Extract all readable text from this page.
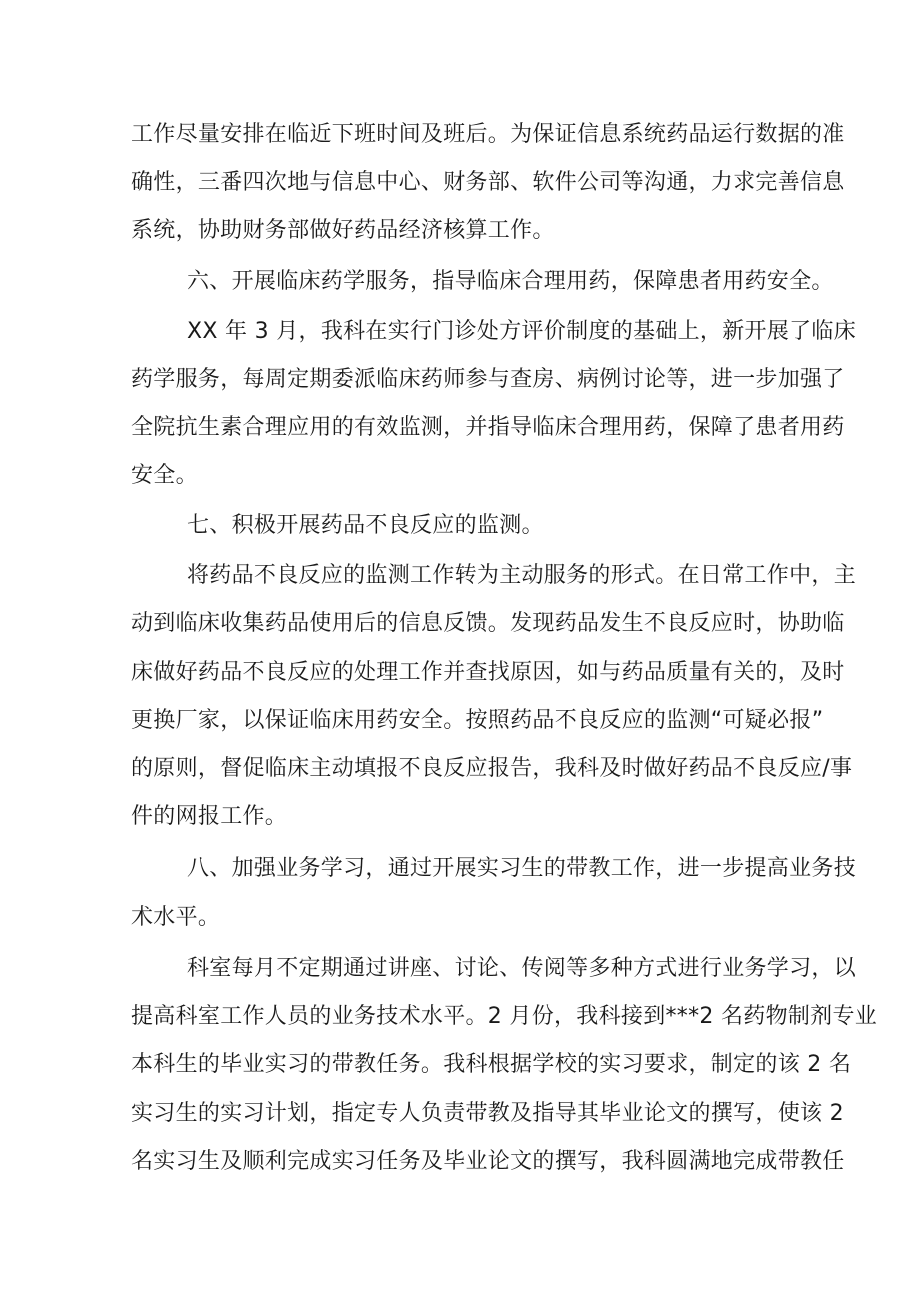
工作尽量安排在临近下班时间及班后。为保证信息系统药品运行数据的准
确性，三番四次地与信息中心、财务部、软件公司等沟通，力求完善信息
系统，协助财务部做好药品经济核算工作。
六、开展临床药学服务，指导临床合理用药，保障患者用药安全。
XX 年 3 月，我科在实行门诊处方评价制度的基础上，新开展了临床
药学服务，每周定期委派临床药师参与查房、病例讨论等，进一步加强了
全院抗生素合理应用的有效监测，并指导临床合理用药，保障了患者用药
安全。
七、积极开展药品不良反应的监测。
将药品不良反应的监测工作转为主动服务的形式。在日常工作中，主
动到临床收集药品使用后的信息反馈。发现药品发生不良反应时，协助临
床做好药品不良反应的处理工作并查找原因，如与药品质量有关的，及时
更换厂家，以保证临床用药安全。按照药品不良反应的监测“可疑必报”
的原则，督促临床主动填报不良反应报告，我科及时做好药品不良反应/事
件的网报工作。
八、加强业务学习，通过开展实习生的带教工作，进一步提高业务技
术水平。
科室每月不定期通过讲座、讨论、传阅等多种方式进行业务学习，以
提高科室工作人员的业务技术水平。2 月份，我科接到***2 名药物制剂专业
本科生的毕业实习的带教任务。我科根据学校的实习要求，制定的该 2 名
实习生的实习计划，指定专人负责带教及指导其毕业论文的撰写，使该 2
名实习生及顺利完成实习任务及毕业论文的撰写，我科圆满地完成带教任
